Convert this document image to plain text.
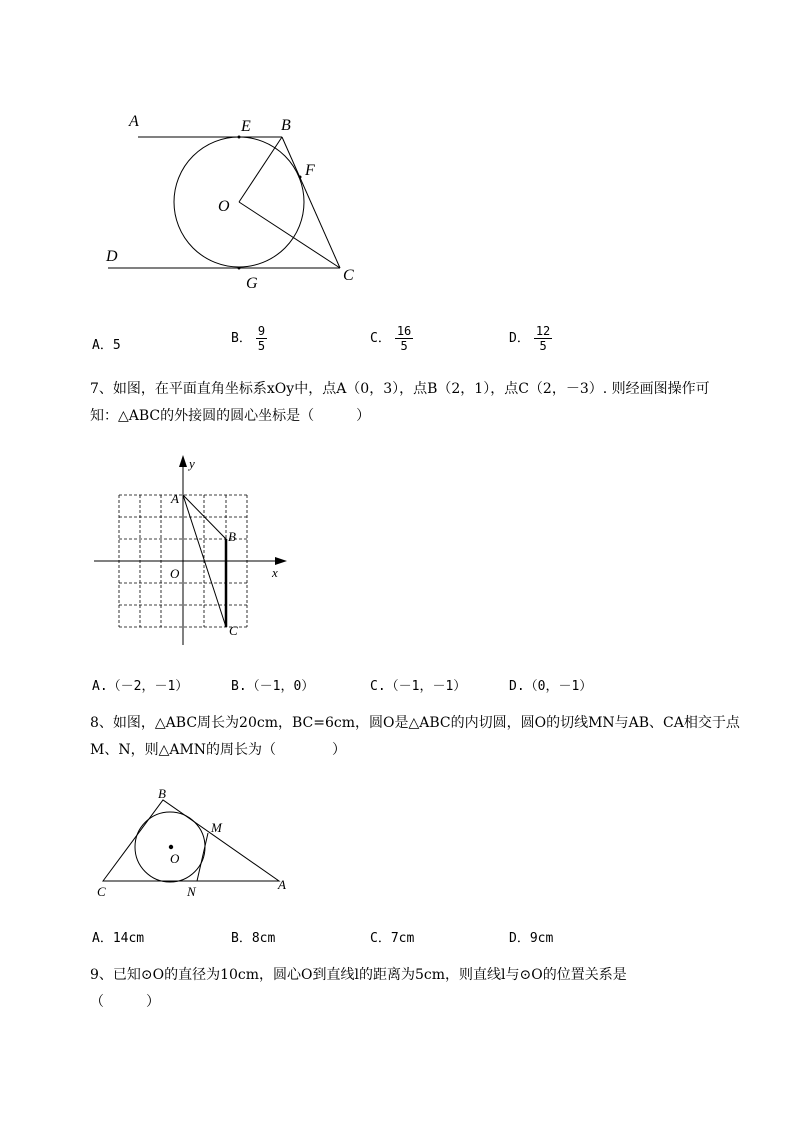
A	E B
F
O
D
G	C
A．5	B． $\frac{9}{5}$	C． $\frac{16}{5}$	D． $\frac{12}{5}$
7、如图，在平面直角坐标系xOy中，点A（0，3），点B（2，1），点C（2，－3）. 则经画图操作可
知：△ABC的外接圆的圆心坐标是（　　　）
y
x
A
B
O
C
A.（－2，－1）	B.（－1，0）	C.（－1，－1）	D.（0，－1）
8、如图，△ABC周长为20cm，BC=6cm，圆O是△ABC的内切圆，圆O的切线MN与AB、CA相交于点
M、N，则△AMN的周长为（　　　　）
B
M
O
C	N	A
A．14cm	B．8cm	C．7cm	D．9cm
9、已知⊙O的直径为10cm，圆心O到直线l的距离为5cm，则直线l与⊙O的位置关系是
（　　　）
